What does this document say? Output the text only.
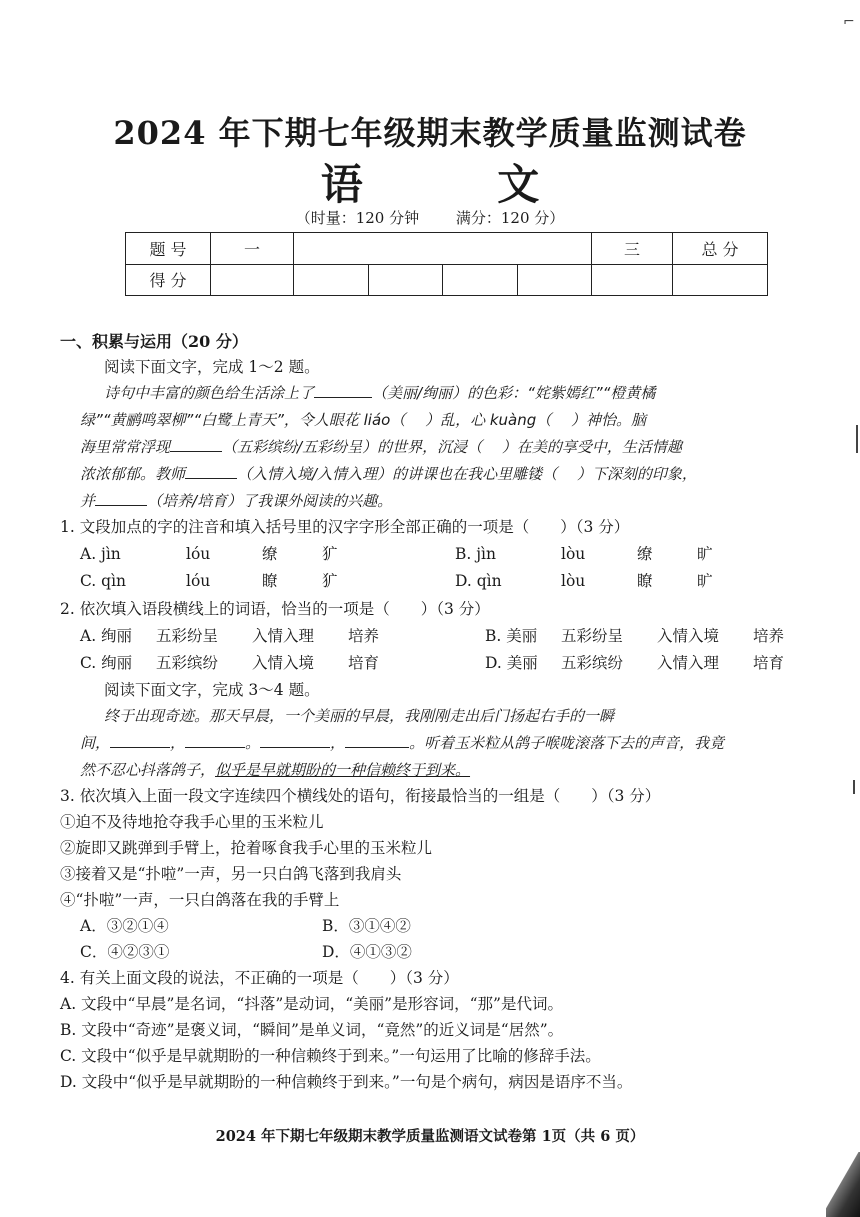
⌐
2024 年下期七年级期末教学质量监测试卷
语 文
（时量：120 分钟 满分：120 分）
题 号	一					三	总 分
得 分							
一、积累与运用（20 分）
阅读下面文字，完成 1～2 题。
诗句中丰富的颜色给生活涂上了	（美丽/绚丽）的色彩：“姹紫嫣红”“橙黄橘
绿”“黄鹂鸣翠柳”“白鹭上青天”，令人眼花 liáo（　 ）乱，心 kuàng（　 ）神怡。脑
海里常常浮现	（五彩缤纷/五彩纷呈）的世界，沉浸（　 ）在美的享受中，生活情趣
浓浓郁郁。教师	（入情入境/入情入理）的讲课也在我心里雕镂（　 ）下深刻的印象，
并	（培养/培育）了我课外阅读的兴趣。
1. 文段加点的字的注音和填入括号里的汉字字形全部正确的一项是（　　）（3 分）
A. jìn	lóu	缭	犷	B. jìn	lòu	缭	旷
C. qìn	lóu	瞭	犷	D. qìn	lòu	瞭	旷
2. 依次填入语段横线上的词语，恰当的一项是（　　）（3 分）
A. 绚丽 五彩纷呈 入情入理 培养	B. 美丽 五彩纷呈 入情入境 培养
C. 绚丽 五彩缤纷 入情入境 培育	D. 美丽 五彩缤纷 入情入理 培育
阅读下面文字，完成 3～4 题。
终于出现奇迹。那天早晨，一个美丽的早晨，我刚刚走出后门扬起右手的一瞬
间，	，	。	，	。听着玉米粒从鸽子喉咙滚落下去的声音，我竟
然不忍心抖落鸽子，似乎是早就期盼的一种信赖终于到来。
3. 依次填入上面一段文字连续四个横线处的语句，衔接最恰当的一组是（　　）（3 分）
①迫不及待地抢夺我手心里的玉米粒儿
②旋即又跳弹到手臂上，抢着啄食我手心里的玉米粒儿
③接着又是“扑啦”一声，另一只白鸽飞落到我肩头
④“扑啦”一声，一只白鸽落在我的手臂上
A．③②①④	B．③①④②
C．④②③①	D．④①③②
4. 有关上面文段的说法，不正确的一项是（　　）（3 分）
A. 文段中“早晨”是名词，“抖落”是动词，“美丽”是形容词，“那”是代词。
B. 文段中“奇迹”是褒义词，“瞬间”是单义词，“竟然”的近义词是“居然”。
C. 文段中“似乎是早就期盼的一种信赖终于到来。”一句运用了比喻的修辞手法。
D. 文段中“似乎是早就期盼的一种信赖终于到来。”一句是个病句，病因是语序不当。
2024 年下期七年级期末教学质量监测语文试卷第 1页（共 6 页）
